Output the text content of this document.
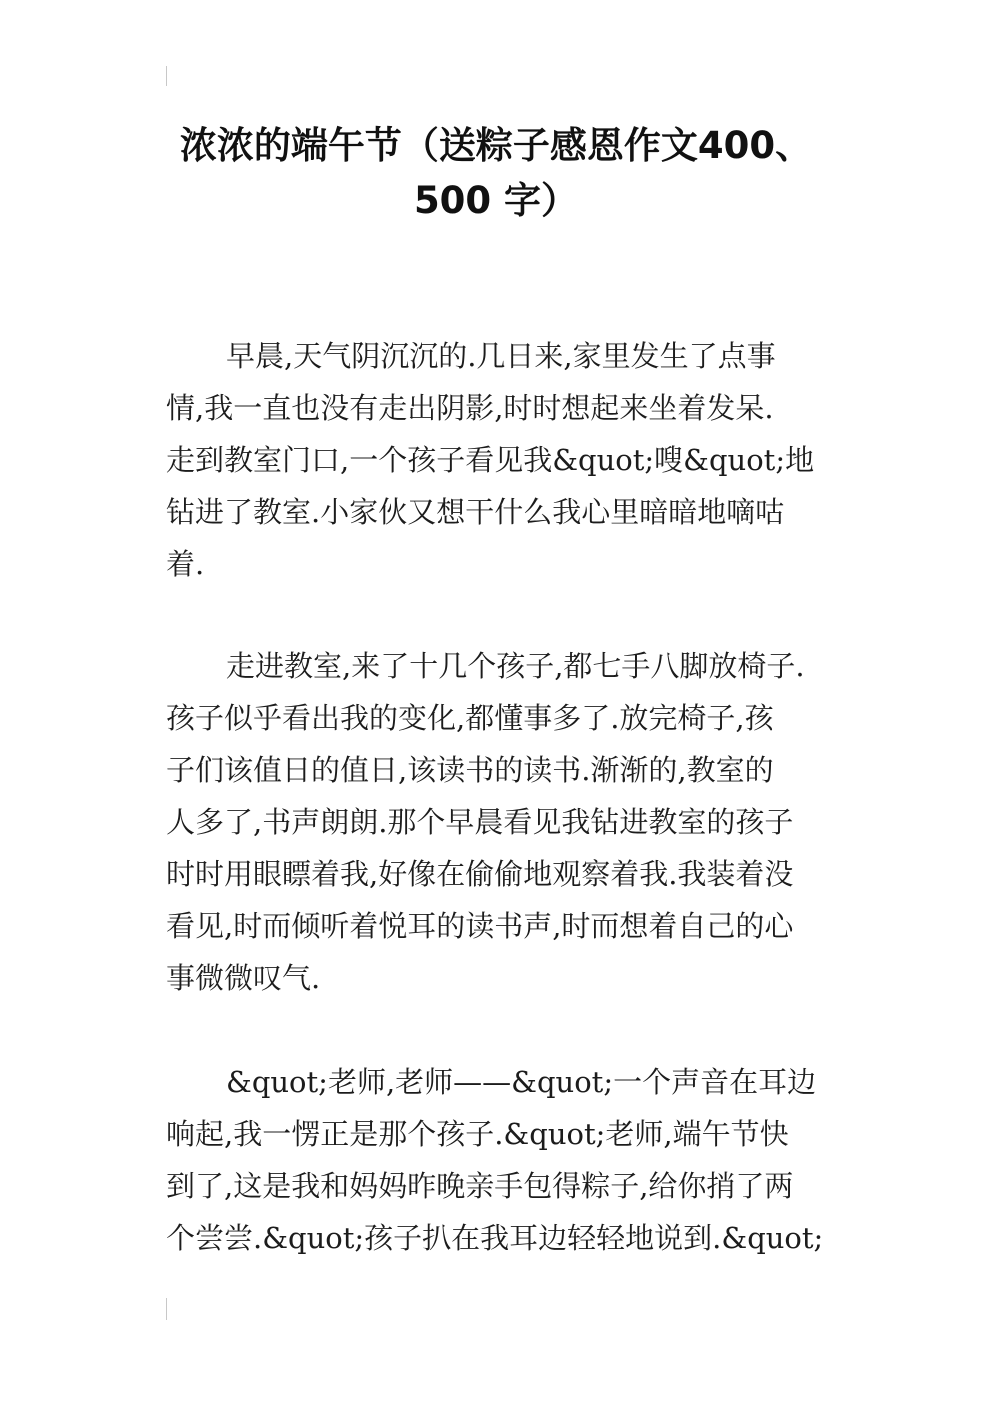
浓浓的端午节（送粽子感恩作文400、
500 字）
早晨,天气阴沉沉的.几日来,家里发生了点事
情,我一直也没有走出阴影,时时想起来坐着发呆.
走到教室门口,一个孩子看见我&quot;嗖&quot;地
钻进了教室.小家伙又想干什么我心里暗暗地嘀咕
着.
走进教室,来了十几个孩子,都七手八脚放椅子.
孩子似乎看出我的变化,都懂事多了.放完椅子,孩
子们该值日的值日,该读书的读书.渐渐的,教室的
人多了,书声朗朗.那个早晨看见我钻进教室的孩子
时时用眼瞟着我,好像在偷偷地观察着我.我装着没
看见,时而倾听着悦耳的读书声,时而想着自己的心
事微微叹气.
&quot;老师,老师——&quot;一个声音在耳边
响起,我一愣正是那个孩子.&quot;老师,端午节快
到了,这是我和妈妈昨晚亲手包得粽子,给你捎了两
个尝尝.&quot;孩子扒在我耳边轻轻地说到.&quot;
